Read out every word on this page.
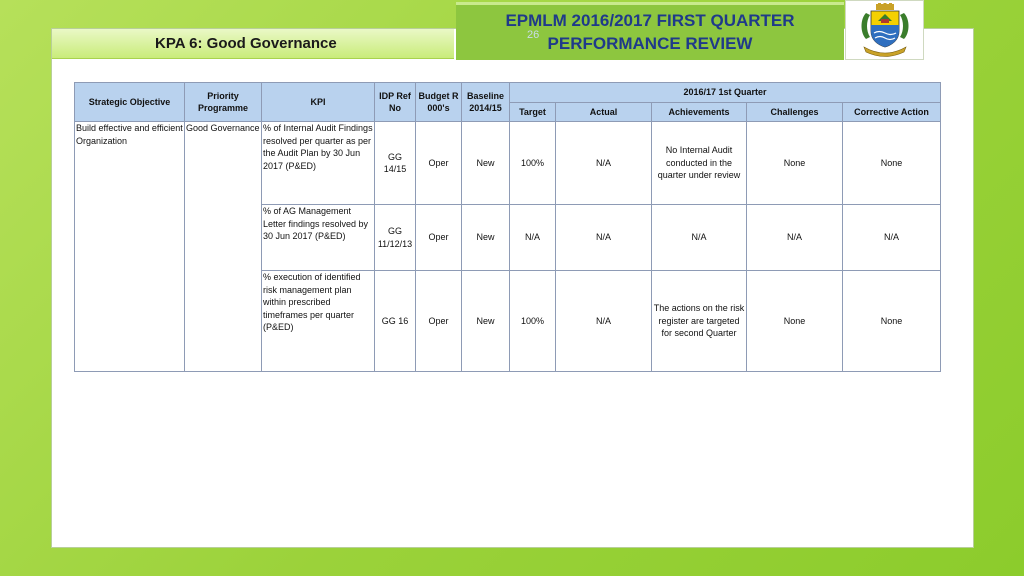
KPA 6: Good Governance
EPMLM 2016/2017 FIRST QUARTER
PERFORMANCE REVIEW
26
Strategic Objective	Priority Programme	KPI	IDP Ref No	Budget R 000's	Baseline 2014/15	2016/17 1st Quarter				
						Target	Actual	Achievements	Challenges	Corrective Action
Build effective and efficient Organization	Good Governance	% of Internal Audit Findings resolved per quarter as per the Audit Plan by 30 Jun 2017 (P&ED)	GG 14/15	Oper	New	100%	N/A	No Internal Audit conducted in the quarter under review	None	None
		% of AG Management Letter findings resolved by 30 Jun 2017 (P&ED)	GG 11/12/13	Oper	New	N/A	N/A	N/A	N/A	N/A
		% execution of identified risk management plan within prescribed timeframes per quarter (P&ED)	GG 16	Oper	New	100%	N/A	The actions on the risk register are targeted for second Quarter	None	None
